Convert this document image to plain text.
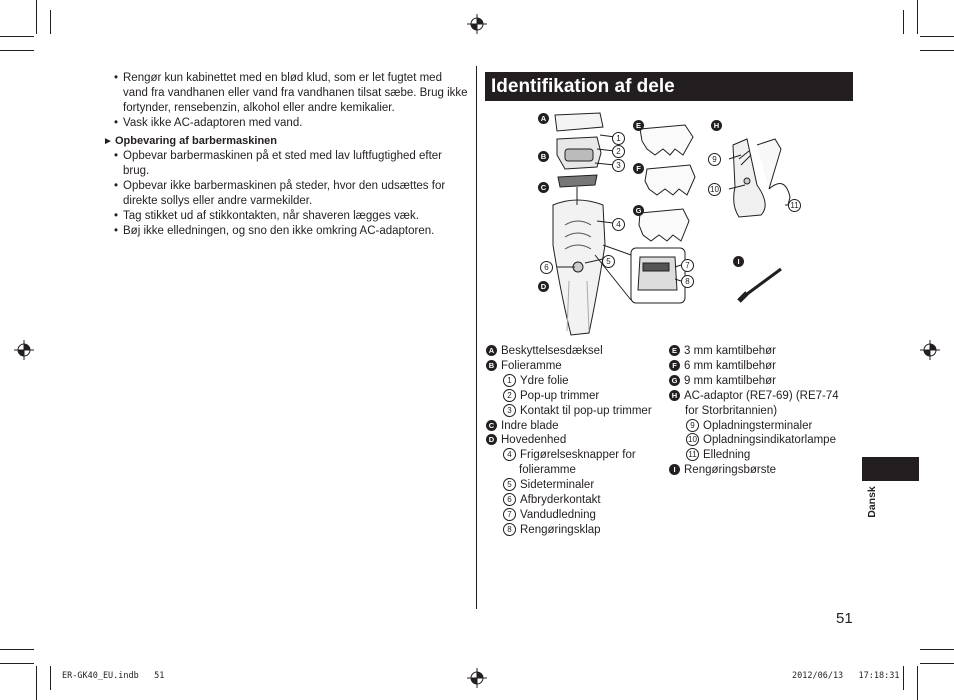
• Rengør kun kabinettet med en blød klud, som er let fugtet med vand fra vandhanen eller vand fra vandhanen tilsat sæbe. Brug ikke fortynder, rensebenzin, alkohol eller andre kemikalier.

• Vask ikke AC-adaptoren med vand.

► Opbevaring af barbermaskinen

• Opbevar barbermaskinen på et sted med lav luftfugtighed efter brug.

• Opbevar ikke barbermaskinen på steder, hvor den udsættes for direkte sollys eller andre varmekilder.

• Tag stikket ud af stikkontakten, når shaveren lægges væk.

• Bøj ikke elledningen, og sno den ikke omkring AC-adaptoren.

Identifikation af dele
A
B
C
D
E
F
G
H
I
1
2
3
4
5
6	7
8
9
10
11
A Beskyttelsesdæksel
B Folieramme
1 Ydre folie
2 Pop-up trimmer
3 Kontakt til pop-up trimmer
C Indre blade
D Hovedenhed
4 Frigørelsesknapper for
folieramme
5 Sideterminaler
6 Afbryderkontakt
7 Vandudledning
8 Rengøringsklap
E 3 mm kamtilbehør
F 6 mm kamtilbehør
G 9 mm kamtilbehør
H AC-adaptor (RE7-69) (RE7-74
for Storbritannien)
9 Opladningsterminaler
10 Opladningsindikatorlampe
11 Elledning
I Rengøringsbørste
Dansk
51
ER-GK40_EU.indb   51	2012/06/13   17:18:31
